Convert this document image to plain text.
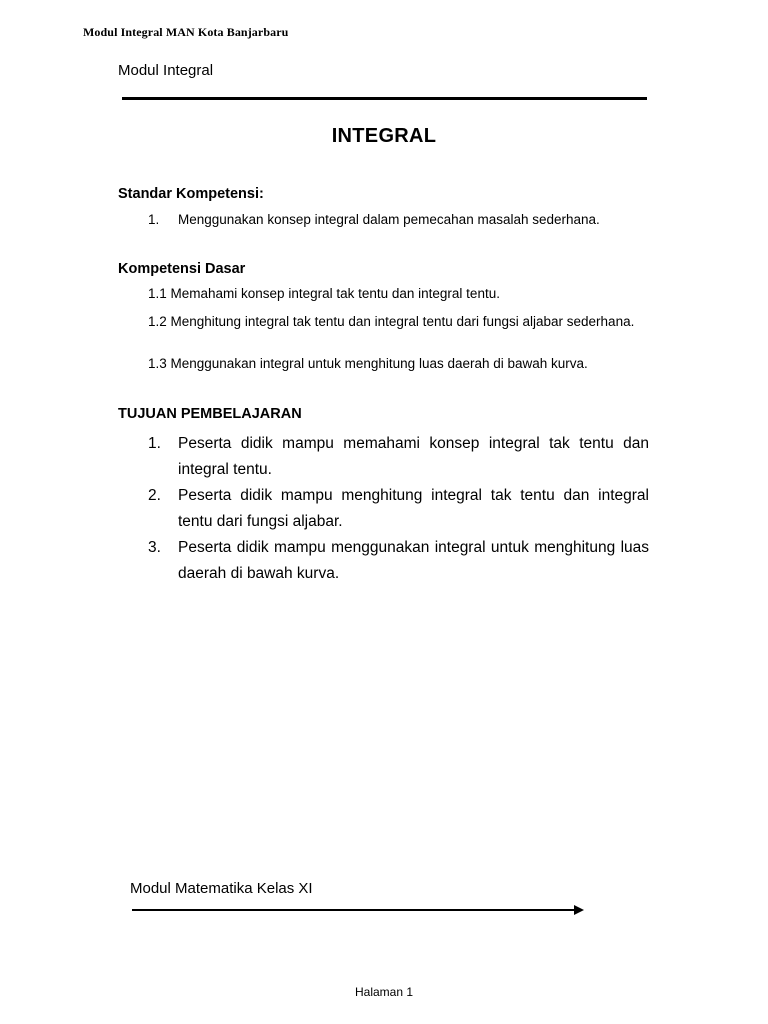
Modul Integral MAN Kota Banjarbaru
Modul Integral
INTEGRAL
Standar Kompetensi:
1. Menggunakan konsep integral dalam pemecahan masalah sederhana.
Kompetensi Dasar
1.1 Memahami konsep integral tak tentu dan integral tentu.
1.2 Menghitung integral tak tentu dan integral tentu dari fungsi aljabar sederhana.
1.3 Menggunakan integral untuk menghitung luas daerah di bawah kurva.
TUJUAN PEMBELAJARAN
1.	Peserta didik mampu memahami konsep integral tak tentu dan integral tentu.
2.	Peserta didik mampu menghitung integral tak tentu dan integral tentu dari fungsi aljabar.
3.	Peserta didik mampu menggunakan integral untuk menghitung luas daerah di bawah kurva.
Modul Matematika Kelas XI
Halaman 1
